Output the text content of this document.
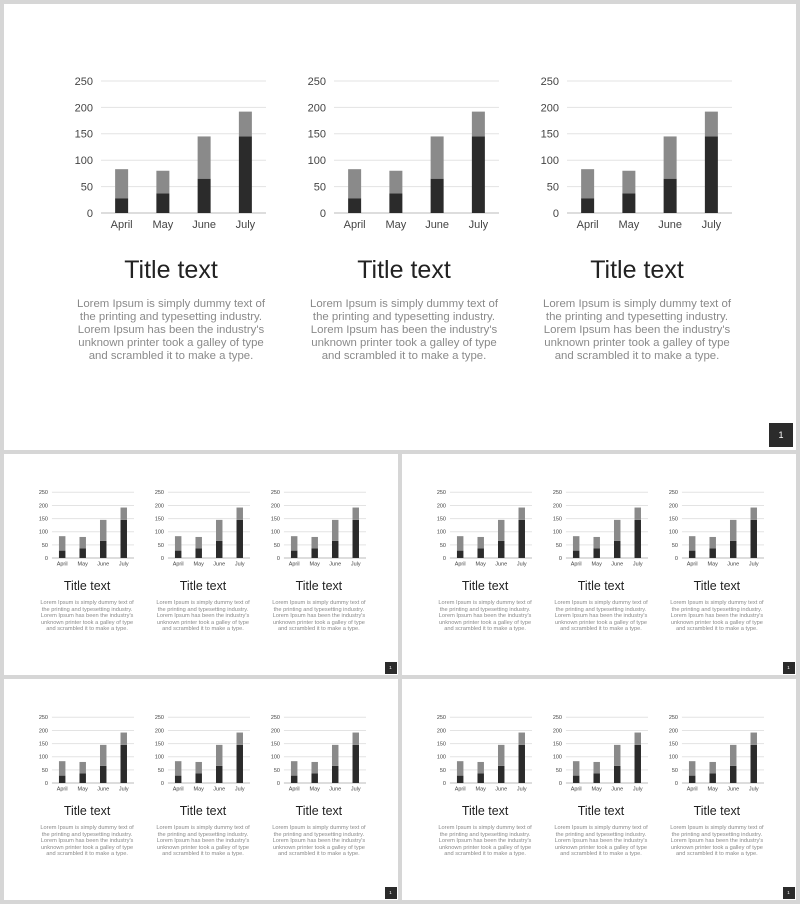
0
50
100
150
200
250
April May June July
Title text
Lorem Ipsum is simply dummy text of the printing and typesetting industry. Lorem Ipsum has been the industry's unknown printer took a galley of type and scrambled it to make a type.
0
50
100
150
200
250
April May June July
Title text
Lorem Ipsum is simply dummy text of the printing and typesetting industry. Lorem Ipsum has been the industry's unknown printer took a galley of type and scrambled it to make a type.
0
50
100
150
200
250
April May June July
Title text
Lorem Ipsum is simply dummy text of the printing and typesetting industry. Lorem Ipsum has been the industry's unknown printer took a galley of type and scrambled it to make a type.
1
0
50
100
150
200
250
April May June July
Title text
Lorem Ipsum is simply dummy text of the printing and typesetting industry. Lorem Ipsum has been the industry's unknown printer took a galley of type and scrambled it to make a type.
0
50
100
150
200
250
April May June July
Title text
Lorem Ipsum is simply dummy text of the printing and typesetting industry. Lorem Ipsum has been the industry's unknown printer took a galley of type and scrambled it to make a type.
0
50
100
150
200
250
April May June July
Title text
Lorem Ipsum is simply dummy text of the printing and typesetting industry. Lorem Ipsum has been the industry's unknown printer took a galley of type and scrambled it to make a type.
1
0
50
100
150
200
250
April May June July
Title text
Lorem Ipsum is simply dummy text of the printing and typesetting industry. Lorem Ipsum has been the industry's unknown printer took a galley of type and scrambled it to make a type.
0
50
100
150
200
250
April May June July
Title text
Lorem Ipsum is simply dummy text of the printing and typesetting industry. Lorem Ipsum has been the industry's unknown printer took a galley of type and scrambled it to make a type.
0
50
100
150
200
250
April May June July
Title text
Lorem Ipsum is simply dummy text of the printing and typesetting industry. Lorem Ipsum has been the industry's unknown printer took a galley of type and scrambled it to make a type.
1
0
50
100
150
200
250
April May June July
Title text
Lorem Ipsum is simply dummy text of the printing and typesetting industry. Lorem Ipsum has been the industry's unknown printer took a galley of type and scrambled it to make a type.
0
50
100
150
200
250
April May June July
Title text
Lorem Ipsum is simply dummy text of the printing and typesetting industry. Lorem Ipsum has been the industry's unknown printer took a galley of type and scrambled it to make a type.
0
50
100
150
200
250
April May June July
Title text
Lorem Ipsum is simply dummy text of the printing and typesetting industry. Lorem Ipsum has been the industry's unknown printer took a galley of type and scrambled it to make a type.
1
0
50
100
150
200
250
April May June July
Title text
Lorem Ipsum is simply dummy text of the printing and typesetting industry. Lorem Ipsum has been the industry's unknown printer took a galley of type and scrambled it to make a type.
0
50
100
150
200
250
April May June July
Title text
Lorem Ipsum is simply dummy text of the printing and typesetting industry. Lorem Ipsum has been the industry's unknown printer took a galley of type and scrambled it to make a type.
0
50
100
150
200
250
April May June July
Title text
Lorem Ipsum is simply dummy text of the printing and typesetting industry. Lorem Ipsum has been the industry's unknown printer took a galley of type and scrambled it to make a type.
1
